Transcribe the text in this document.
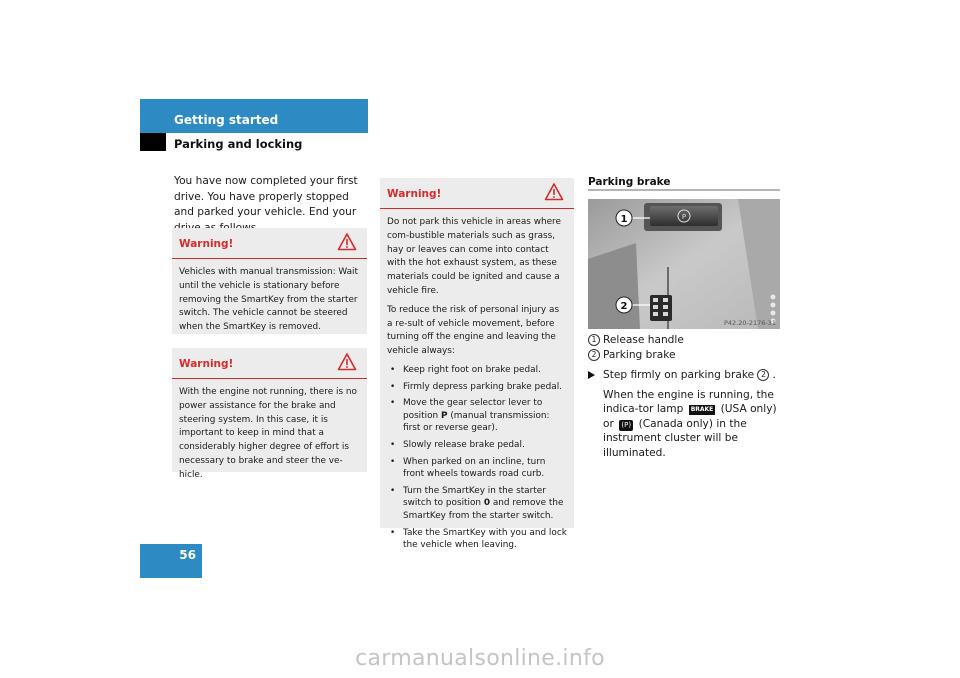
Getting started
Parking and locking
You have now completed your first drive. You have properly stopped and parked your vehicle. End your
Warning!

Vehicles with manual transmission: Wait until the vehicle is stationary before removing the SmartKey from the starter switch. The vehicle cannot be steered when the SmartKey is removed.

Warning!

With the engine not running, there is no power assistance for the brake and steering system. In this case, it is important to keep in mind that a considerably higher degree of effort is necessary to brake and steer the ve-hicle.

Warning!

Do not park this vehicle in areas where com-bustible materials such as grass, hay or leaves can come into contact with the hot exhaust system, as these materials could be ignited and cause a vehicle fire.

To reduce the risk of personal injury as a re-sult of vehicle movement, before turning off the engine and leaving the vehicle always:

• Keep right foot on brake pedal.
• Firmly depress parking brake pedal.
• Move the gear selector lever to position P (manual transmission: first or reverse gear).
• Slowly release brake pedal.
• When parked on an incline, turn front wheels towards road curb.
• Turn the SmartKey in the starter switch to position 0 and remove the SmartKey from the starter switch.
• Take the SmartKey with you and lock the vehicle when leaving.
Parking brake
P
1
2
P42.20-2176-31
1 Release handle
2 Parking brake
Step firmly on parking brake 2 .
When the engine is running, the indica-tor lamp BRAKE (USA only) or (P) (Canada only) in the instrument cluster will be illuminated.
56
carmanualsonline.info
